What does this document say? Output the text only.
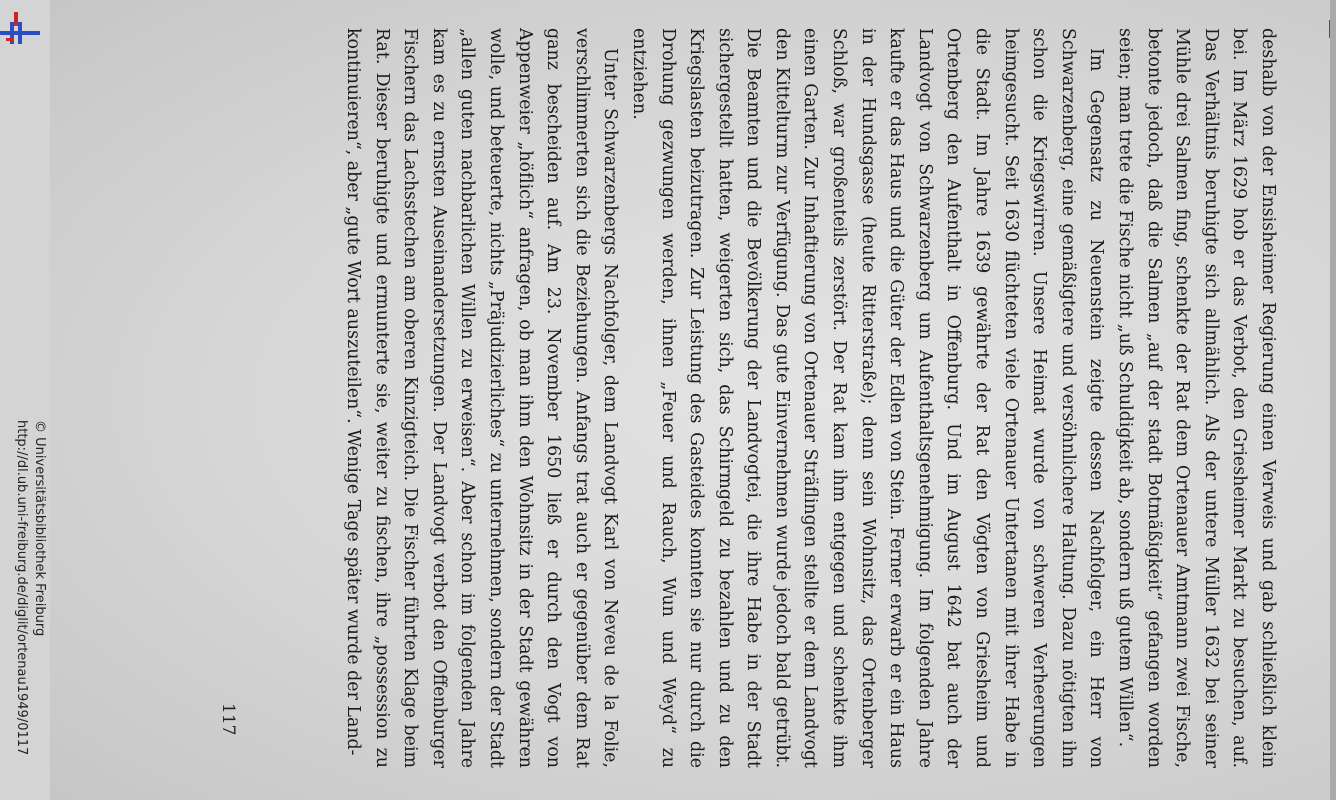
http://dl.ub.uni-freiburg.de/diglit/ortenau1949/0117 © Universitätsbibliothek Freiburg	deshalb von der Ensisheimer Regierung einen Verweis und gab schließlich klein bei. Im März 1629 hob er das Verbot, den Griesheimer Markt zu besuchen, auf. Das Verhältnis beruhigte sich allmählich. Als der untere Müller 1632 bei seiner Mühle drei Salmen fing, schenkte der Rat dem Ortenauer Amtmann zwei Fische, betonte jedoch, daß die Salmen „auf der stadt Botmäßigkeit“ gefangen worden seien; man trete die Fische nicht „uß Schuldigkeit ab, sondern uß gutem Willen“.

Im Gegensatz zu Neuenstein zeigte dessen Nachfolger, ein Herr von Schwarzenberg, eine gemäßigtere und versöhnlichere Haltung. Dazu nötigten ihn schon die Kriegswirren. Unsere Heimat wurde von schweren Verheerungen heimgesucht. Seit 1630 flüchteten viele Ortenauer Untertanen mit ihrer Habe in die Stadt. Im Jahre 1639 gewährte der Rat den Vögten von Griesheim und Ortenberg den Aufenthalt in Offenburg. Und im August 1642 bat auch der Landvogt von Schwarzenberg um Aufenthaltsgenehmigung. Im folgenden Jahre kaufte er das Haus und die Güter der Edlen von Stein. Ferner erwarb er ein Haus in der Hundsgasse (heute Ritterstraße); denn sein Wohnsitz, das Ortenberger Schloß, war großenteils zerstört. Der Rat kam ihm entgegen und schenkte ihm einen Garten. Zur Inhaftierung von Ortenauer Sträflingen stellte er dem Landvogt den Kittelturm zur Verfügung. Das gute Einvernehmen wurde jedoch bald getrübt. Die Beamten und die Bevölkerung der Landvogtei, die ihre Habe in der Stadt sichergestellt hatten, weigerten sich, das Schirmgeld zu bezahlen und zu den Kriegslasten beizutragen. Zur Leistung des Gasteides konnten sie nur durch die Drohung gezwungen werden, ihnen „Feuer und Rauch, Wun und Weyd“ zu entziehen.

Unter Schwarzenbergs Nachfolger, dem Landvogt Karl von Neveu de la Folie, verschlimmerten sich die Beziehungen. Anfangs trat auch er gegenüber dem Rat ganz bescheiden auf. Am 23. November 1650 ließ er durch den Vogt von Appenweier „höflich“ anfragen, ob man ihm den Wohnsitz in der Stadt gewähren wolle, und beteuerte, nichts „Präjudizierliches“ zu unternehmen, sondern der Stadt „allen guten nachbarlichen Willen zu erweisen“. Aber schon im folgenden Jahre kam es zu ernsten Auseinandersetzungen. Der Landvogt verbot den Offenburger Fischern das Lachsstechen am oberen Kinzigteich. Die Fischer führten Klage beim Rat. Dieser beruhigte und ermunterte sie, weiter zu fischen, ihre „possession zu kontinuieren“, aber „gute Wort auszuteilen“. Wenige Tage später wurde der Land-

117
